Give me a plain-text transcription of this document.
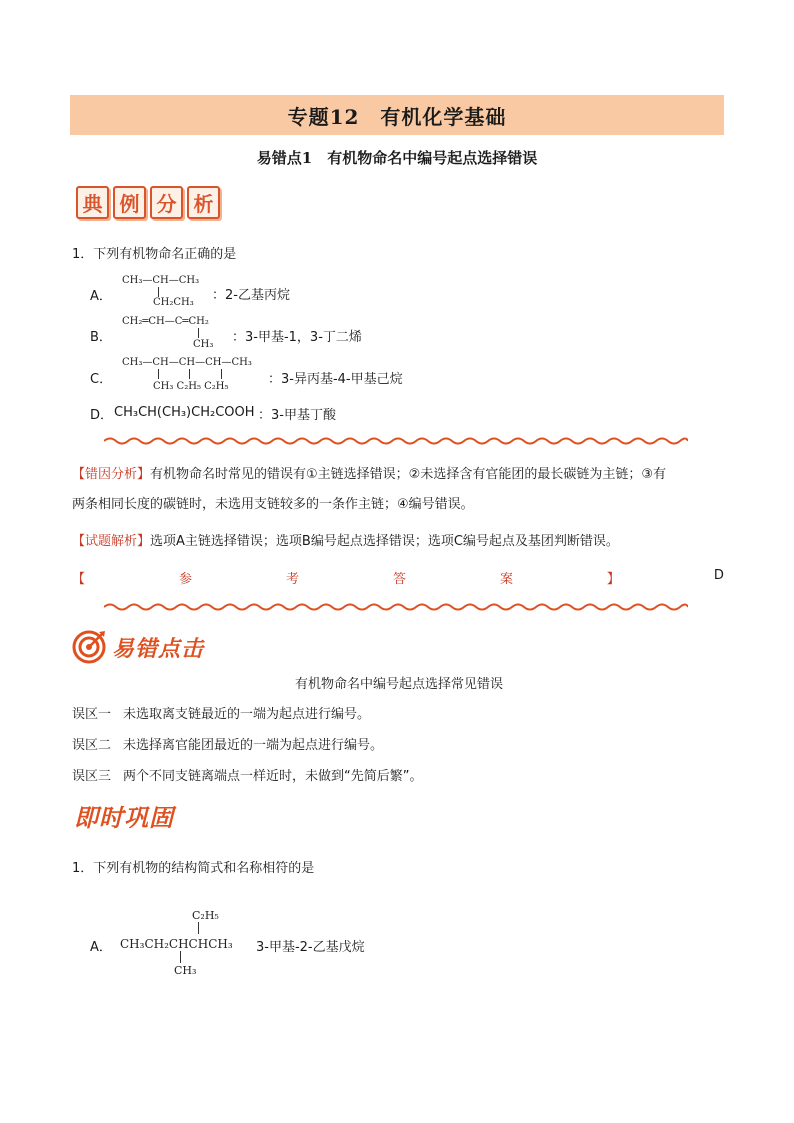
专题12　有机化学基础
易错点1　有机物命名中编号起点选择错误
典 例 分 析
1．下列有机物命名正确的是
A．
CH₃—CH—CH₃
CH₂CH₃ ：2-乙基丙烷
B．
CH₂═CH—C═CH₂
CH₃ ：3-甲基-1，3-丁二烯
C．
CH₃—CH—CH—CH—CH₃
CH₃ C₂H₅ C₂H₅	：3-异丙基-4-甲基己烷
D． CH₃CH(CH₃)CH₂COOH ：3-甲基丁酸
【错因分析】有机物命名时常见的错误有①主链选择错误；②未选择含有官能团的最长碳链为主链；③有
两条相同长度的碳链时，未选用支链较多的一条作主链；④编号错误。
【试题解析】选项A主链选择错误；选项B编号起点选择错误；选项C编号起点及基团判断错误。
【	参	考	答	案	】	D
易错点击
有机物命名中编号起点选择常见错误
误区一 未选取离支链最近的一端为起点进行编号。
误区二 未选择离官能团最近的一端为起点进行编号。
误区三 两个不同支链离端点一样近时，未做到“先简后繁”。
即时巩固
1．下列有机物的结构简式和名称相符的是
C₂H₅
A． CH₃CH₂CHCHCH₃
CH₃
3-甲基-2-乙基戊烷
